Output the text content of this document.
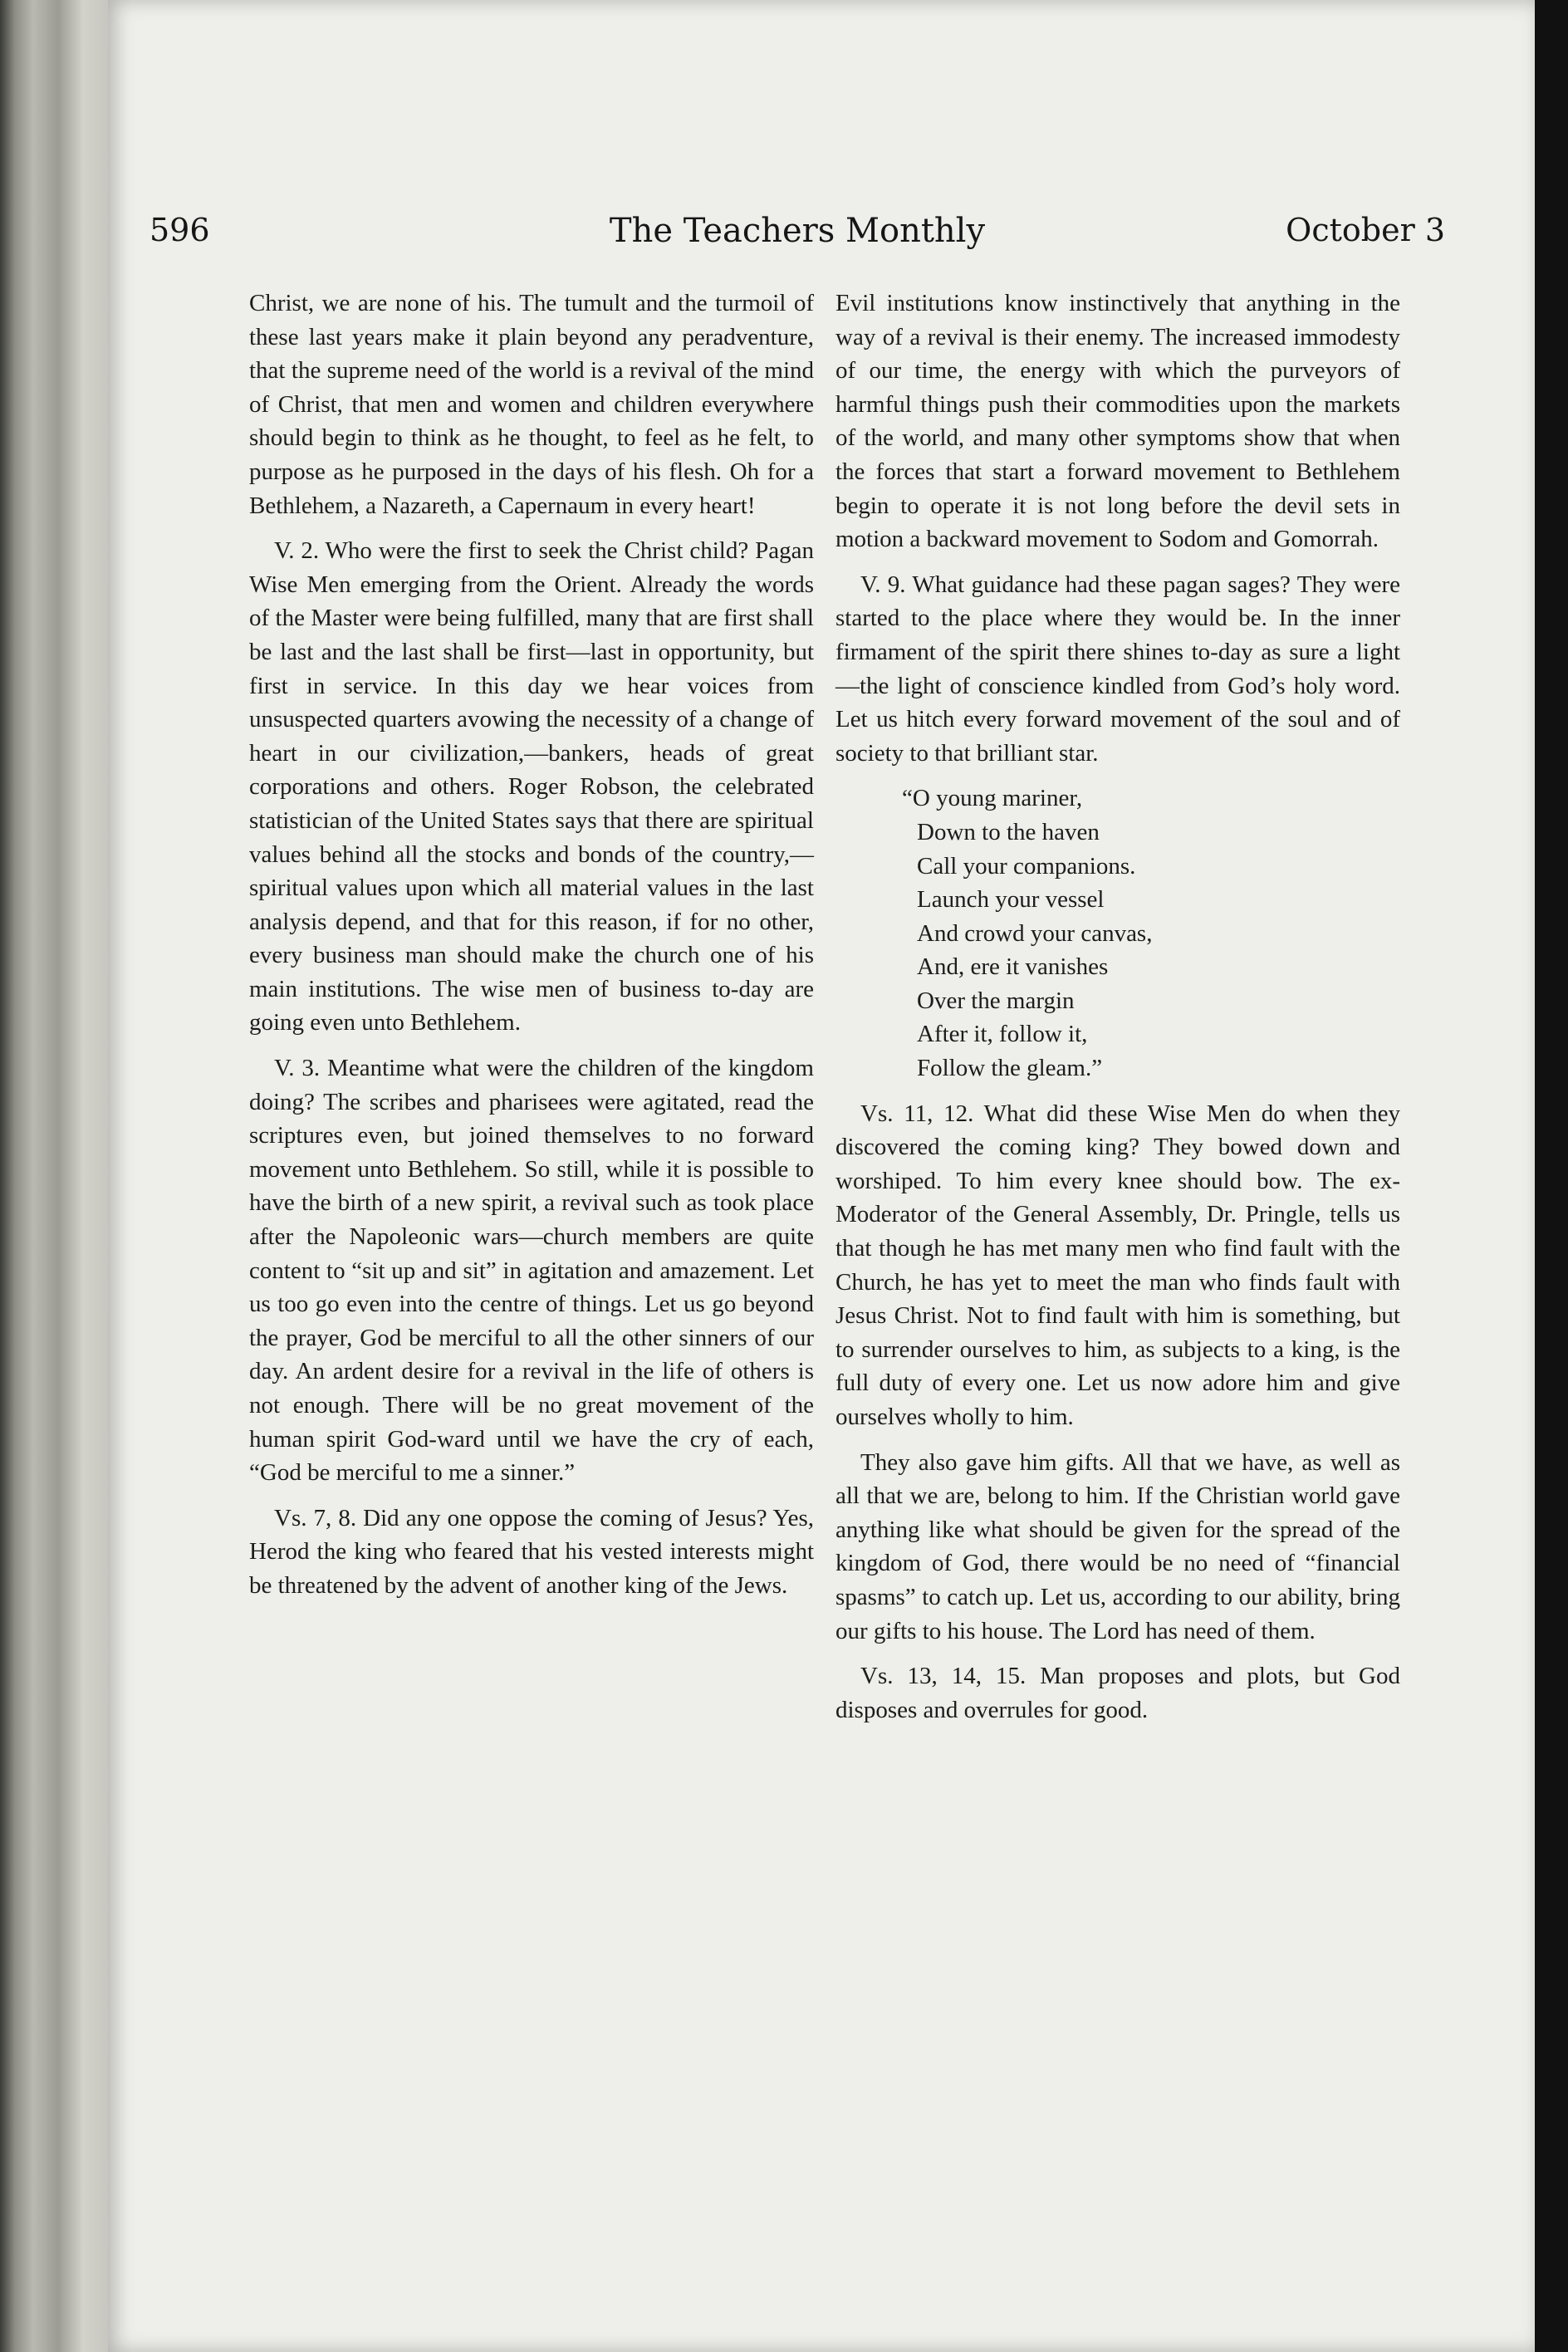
596	The Teachers Monthly	October 3

Christ, we are none of his. The tumult and the turmoil of these last years make it plain beyond any peradventure, that the supreme need of the world is a revival of the mind of Christ, that men and women and children everywhere should begin to think as he thought, to feel as he felt, to purpose as he purposed in the days of his flesh. Oh for a Bethlehem, a Nazareth, a Capernaum in every heart!

V. 2. Who were the first to seek the Christ child? Pagan Wise Men emerging from the Orient. Already the words of the Master were being fulfilled, many that are first shall be last and the last shall be first—last in opportunity, but first in service. In this day we hear voices from unsuspected quarters avowing the necessity of a change of heart in our civilization,—bankers, heads of great corporations and others. Roger Robson, the celebrated statistician of the United States says that there are spiritual values behind all the stocks and bonds of the country,—spiritual values upon which all material values in the last analysis depend, and that for this reason, if for no other, every business man should make the church one of his main institutions. The wise men of business to-day are going even unto Bethlehem.

V. 3. Meantime what were the children of the kingdom doing? The scribes and pharisees were agitated, read the scriptures even, but joined themselves to no forward movement unto Bethlehem. So still, while it is possible to have the birth of a new spirit, a revival such as took place after the Napoleonic wars—church members are quite content to “sit up and sit” in agitation and amazement. Let us too go even into the centre of things. Let us go beyond the prayer, God be merciful to all the other sinners of our day. An ardent desire for a revival in the life of others is not enough. There will be no great movement of the human spirit God-ward until we have the cry of each, “God be merciful to me a sinner.”

Vs. 7, 8. Did any one oppose the coming of Jesus? Yes, Herod the king who feared that his vested interests might be threatened by the advent of another king of the Jews.

Evil institutions know instinctively that anything in the way of a revival is their enemy. The increased immodesty of our time, the energy with which the purveyors of harmful things push their commodities upon the markets of the world, and many other symptoms show that when the forces that start a forward movement to Bethlehem begin to operate it is not long before the devil sets in motion a backward movement to Sodom and Gomorrah.

V. 9. What guidance had these pagan sages? They were started to the place where they would be. In the inner firmament of the spirit there shines to-day as sure a light—the light of conscience kindled from God’s holy word. Let us hitch every forward movement of the soul and of society to that brilliant star.

“O young mariner,
Down to the haven
Call your companions.
Launch your vessel
And crowd your canvas,
And, ere it vanishes
Over the margin
After it, follow it,
Follow the gleam.”

Vs. 11, 12. What did these Wise Men do when they discovered the coming king? They bowed down and worshiped. To him every knee should bow. The ex-Moderator of the General Assembly, Dr. Pringle, tells us that though he has met many men who find fault with the Church, he has yet to meet the man who finds fault with Jesus Christ. Not to find fault with him is something, but to surrender ourselves to him, as subjects to a king, is the full duty of every one. Let us now adore him and give ourselves wholly to him.

They also gave him gifts. All that we have, as well as all that we are, belong to him. If the Christian world gave anything like what should be given for the spread of the kingdom of God, there would be no need of “financial spasms” to catch up. Let us, according to our ability, bring our gifts to his house. The Lord has need of them.

Vs. 13, 14, 15. Man proposes and plots, but God disposes and overrules for good.
